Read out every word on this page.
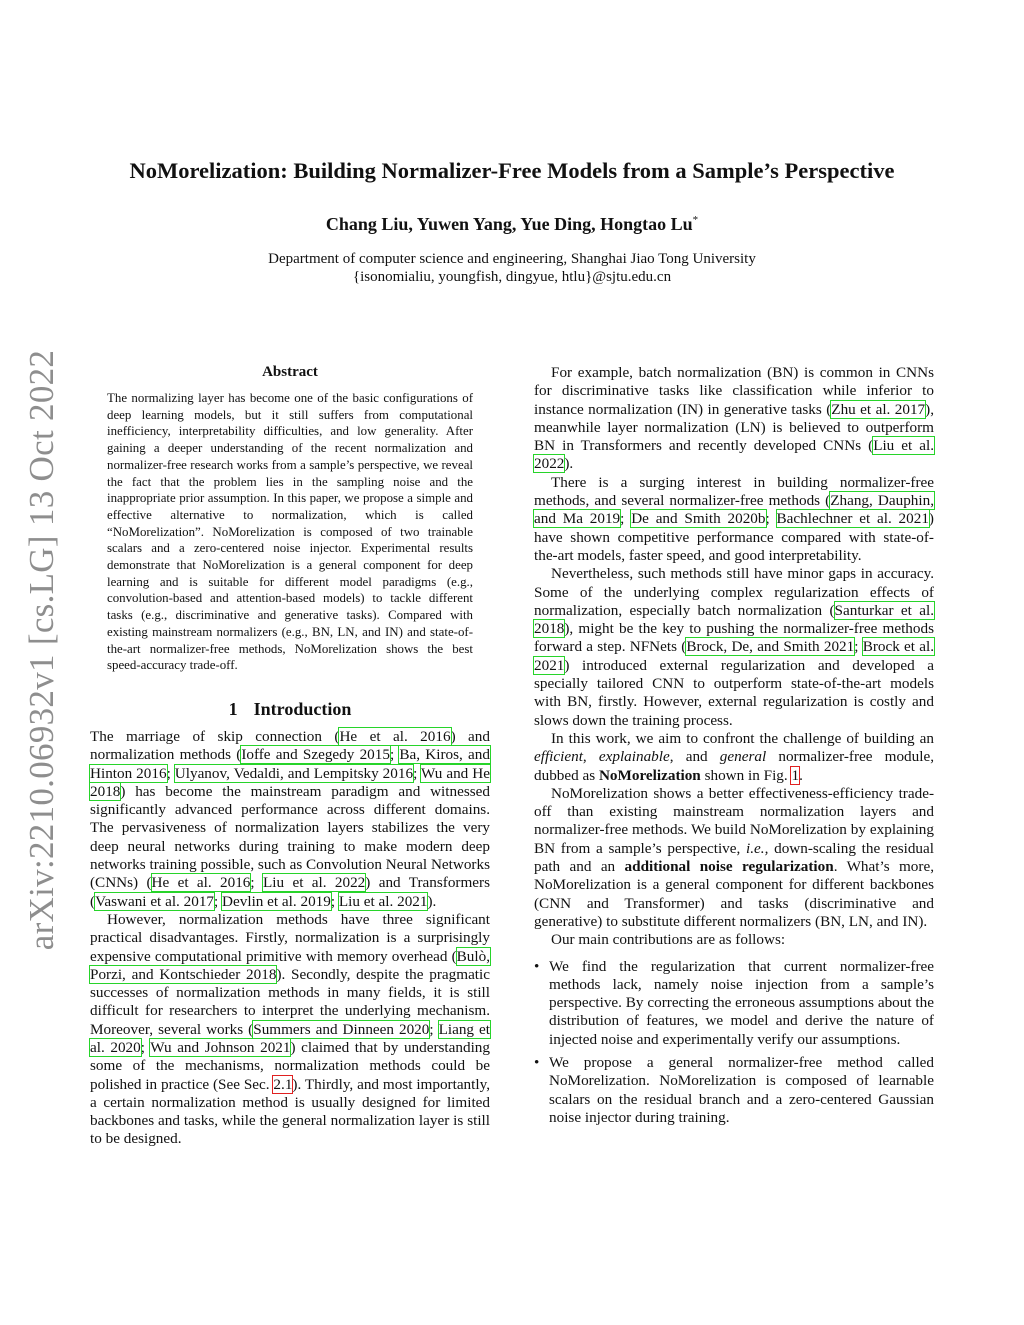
arXiv:2210.06932v1 [cs.LG] 13 Oct 2022
NoMorelization: Building Normalizer-Free Models from a Sample’s Perspective
Chang Liu, Yuwen Yang, Yue Ding, Hongtao Lu*
Department of computer science and engineering, Shanghai Jiao Tong University
{isonomialiu, youngfish, dingyue, htlu}@sjtu.edu.cn
Abstract
The normalizing layer has become one of the basic configurations of deep learning models, but it still suffers from computational inefficiency, interpretability difficulties, and low generality. After gaining a deeper understanding of the recent normalization and normalizer-free research works from a sample’s perspective, we reveal the fact that the problem lies in the sampling noise and the inappropriate prior assumption. In this paper, we propose a simple and effective alternative to normalization, which is called “NoMorelization”. NoMorelization is composed of two trainable scalars and a zero-centered noise injector. Experimental results demonstrate that NoMorelization is a general component for deep learning and is suitable for different model paradigms (e.g., convolution-based and attention-based models) to tackle different tasks (e.g., discriminative and generative tasks). Compared with existing mainstream normalizers (e.g., BN, LN, and IN) and state-of-the-art normalizer-free methods, NoMorelization shows the best speed-accuracy trade-off.
1 Introduction

The marriage of skip connection (He et al. 2016) and normalization methods (Ioffe and Szegedy 2015; Ba, Kiros, and Hinton 2016; Ulyanov, Vedaldi, and Lempitsky 2016; Wu and He 2018) has become the mainstream paradigm and witnessed significantly advanced performance across different domains. The pervasiveness of normalization layers stabilizes the very deep neural networks during training to make modern deep networks training possible, such as Convolution Neural Networks (CNNs) (He et al. 2016; Liu et al. 2022) and Transformers (Vaswani et al. 2017; Devlin et al. 2019; Liu et al. 2021).

However, normalization methods have three significant practical disadvantages. Firstly, normalization is a surprisingly expensive computational primitive with memory overhead (Bulò, Porzi, and Kontschieder 2018). Secondly, despite the pragmatic successes of normalization methods in many fields, it is still difficult for researchers to interpret the underlying mechanism. Moreover, several works (Summers and Dinneen 2020; Liang et al. 2020; Wu and Johnson 2021) claimed that by understanding some of the mechanisms, normalization methods could be polished in practice (See Sec. 2.1). Thirdly, and most importantly, a certain normalization method is usually designed for limited backbones and tasks, while the general normalization layer is still to be designed.

For example, batch normalization (BN) is common in CNNs for discriminative tasks like classification while inferior to instance normalization (IN) in generative tasks (Zhu et al. 2017), meanwhile layer normalization (LN) is believed to outperform BN in Transformers and recently developed CNNs (Liu et al. 2022).

There is a surging interest in building normalizer-free methods, and several normalizer-free methods (Zhang, Dauphin, and Ma 2019; De and Smith 2020b; Bachlechner et al. 2021) have shown competitive performance compared with state-of-the-art models, faster speed, and good interpretability.

Nevertheless, such methods still have minor gaps in accuracy. Some of the underlying complex regularization effects of normalization, especially batch normalization (Santurkar et al. 2018), might be the key to pushing the normalizer-free methods forward a step. NFNets (Brock, De, and Smith 2021; Brock et al. 2021) introduced external regularization and developed a specially tailored CNN to outperform state-of-the-art models with BN, firstly. However, external regularization is costly and slows down the training process.

In this work, we aim to confront the challenge of building an efficient, explainable, and general normalizer-free module, dubbed as NoMorelization shown in Fig. 1.

NoMorelization shows a better effectiveness-efficiency trade-off than existing mainstream normalization layers and normalizer-free methods. We build NoMorelization by explaining BN from a sample’s perspective, i.e., down-scaling the residual path and an additional noise regularization. What’s more, NoMorelization is a general component for different backbones (CNN and Transformer) and tasks (discriminative and generative) to substitute different normalizers (BN, LN, and IN).

Our main contributions are as follows:

• We find the regularization that current normalizer-free methods lack, namely noise injection from a sample’s perspective. By correcting the erroneous assumptions about the distribution of features, we model and derive the nature of injected noise and experimentally verify our assumptions.
• We propose a general normalizer-free method called NoMorelization. NoMorelization is composed of learnable scalars on the residual branch and a zero-centered Gaussian noise injector during training.
